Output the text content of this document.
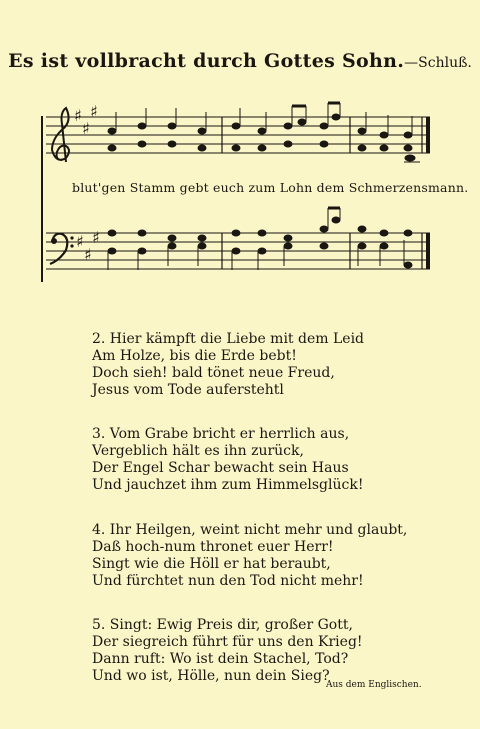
Es ist vollbracht durch Gottes Sohn.—Schluß.
♯
♯
♯
♯
♯
♯
blut'gen Stamm gebt euch zum Lohn dem Schmerzensmann.
2. Hier kämpft die Liebe mit dem Leid
Am Holze, bis die Erde bebt!
Doch sieh! bald tönet neue Freud,
Jesus vom Tode auferstehtl
3. Vom Grabe bricht er herrlich aus,
Vergeblich hält es ihn zurück,
Der Engel Schar bewacht sein Haus
Und jauchzet ihm zum Himmelsglück!
4. Ihr Heilgen, weint nicht mehr und glaubt,
Daß hoch-num thronet euer Herr!
Singt wie die Höll er hat beraubt,
Und fürchtet nun den Tod nicht mehr!
5. Singt: Ewig Preis dir, großer Gott,
Der siegreich führt für uns den Krieg!
Dann ruft: Wo ist dein Stachel, Tod?
Und wo ist, Hölle, nun dein Sieg?
Aus dem Englischen.
